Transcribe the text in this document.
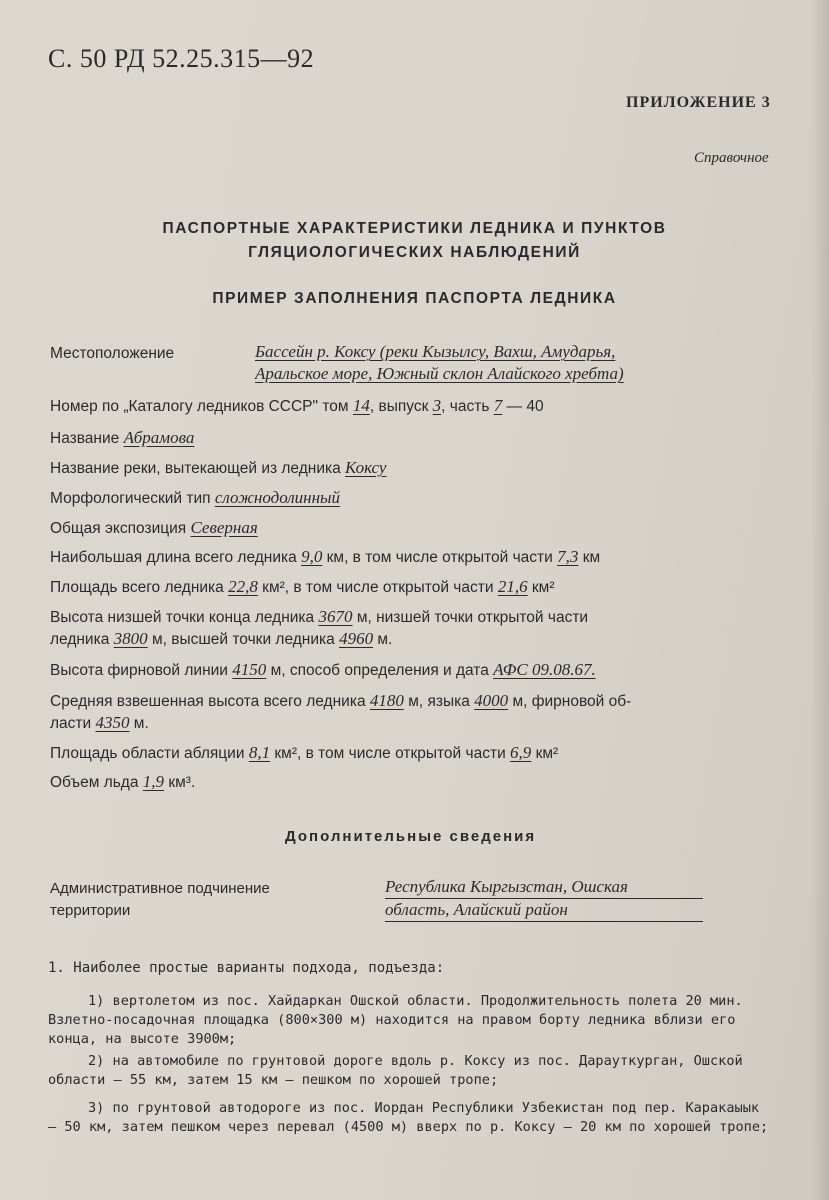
С. 50 РД 52.25.315—92
ПРИЛОЖЕНИЕ 3
Справочное
ПАСПОРТНЫЕ ХАРАКТЕРИСТИКИ ЛЕДНИКА И ПУНКТОВ
ГЛЯЦИОЛОГИЧЕСКИХ НАБЛЮДЕНИЙ
ПРИМЕР ЗАПОЛНЕНИЯ ПАСПОРТА ЛЕДНИКА
Местоположение	Бассейн р. Коксу (реки Кызылсу, Вахш, Амударья,
Аральское море, Южный склон Алайского хребта)
Номер по „Каталогу ледников СССР" том 14, выпуск 3, часть 7 — 40
Название Абрамова
Название реки, вытекающей из ледника Коксу
Морфологический тип сложнодолинный
Общая экспозиция Северная
Наибольшая длина всего ледника 9,0 км, в том числе открытой части 7,3 км
Площадь всего ледника 22,8 км², в том числе открытой части 21,6 км²
Высота низшей точки конца ледника 3670 м, низшей точки открытой части
ледника 3800 м, высшей точки ледника 4960 м.
Высота фирновой линии 4150 м, способ определения и дата АФС 09.08.67.
Средняя взвешенная высота всего ледника 4180 м, языка 4000 м, фирновой об-
ласти 4350 м.
Площадь области абляции 8,1 км², в том числе открытой части 6,9 км²
Объем льда 1,9 км³.
Дополнительные сведения
Административное подчинение
территории
Республика Кыргызстан, Ошская
область, Алайский район
1. Наиболее простые варианты подхода, подъезда:

1) вертолетом из пос. Хайдаркан Ошской области. Продолжительность полета 20 мин. Взлетно-посадочная площадка (800×300 м) находится на правом борту ледника вблизи его конца, на высоте 3900м;

2) на автомобиле по грунтовой дороге вдоль р. Коксу из пос. Дарауткурган, Ошской области — 55 км, затем 15 км — пешком по хорошей тропе;

3) по грунтовой автодороге из пос. Иордан Республики Узбекистан под пер. Каракаыык — 50 км, затем пешком через перевал (4500 м) вверх по р. Коксу — 20 км по хорошей тропе;
